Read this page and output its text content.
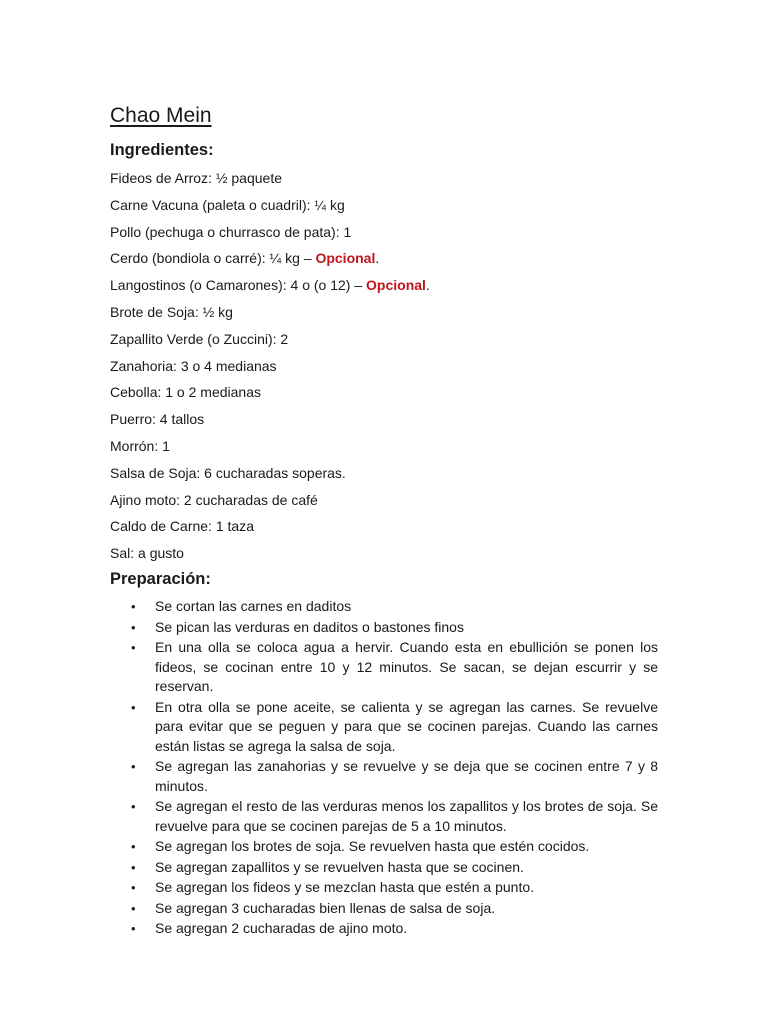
Chao Mein
Ingredientes:
Fideos de Arroz: ½ paquete
Carne Vacuna (paleta o cuadril): ¼ kg
Pollo (pechuga o churrasco de pata): 1
Cerdo (bondiola o carré): ¼ kg – Opcional.
Langostinos (o Camarones): 4 o (o 12) – Opcional.
Brote de Soja: ½ kg
Zapallito Verde (o Zuccini): 2
Zanahoria: 3 o 4 medianas
Cebolla: 1 o 2 medianas
Puerro: 4 tallos
Morrón: 1
Salsa de Soja: 6 cucharadas soperas.
Ajino moto: 2 cucharadas de café
Caldo de Carne: 1 taza
Sal: a gusto
Preparación:
• Se cortan las carnes en daditos
• Se pican las verduras en daditos o bastones finos
• En una olla se coloca agua a hervir. Cuando esta en ebullición se ponen los fideos, se cocinan entre 10 y 12 minutos. Se sacan, se dejan escurrir y se reservan.
• En otra olla se pone aceite, se calienta y se agregan las carnes. Se revuelve para evitar que se peguen y para que se cocinen parejas. Cuando las carnes están listas se agrega la salsa de soja.
• Se agregan las zanahorias y se revuelve y se deja que se cocinen entre 7 y 8 minutos.
• Se agregan el resto de las verduras menos los zapallitos y los brotes de soja. Se revuelve para que se cocinen parejas de 5 a 10 minutos.
• Se agregan los brotes de soja. Se revuelven hasta que estén cocidos.
• Se agregan zapallitos y se revuelven hasta que se cocinen.
• Se agregan los fideos y se mezclan hasta que estén a punto.
• Se agregan 3 cucharadas bien llenas de salsa de soja.
• Se agregan 2 cucharadas de ajino moto.
